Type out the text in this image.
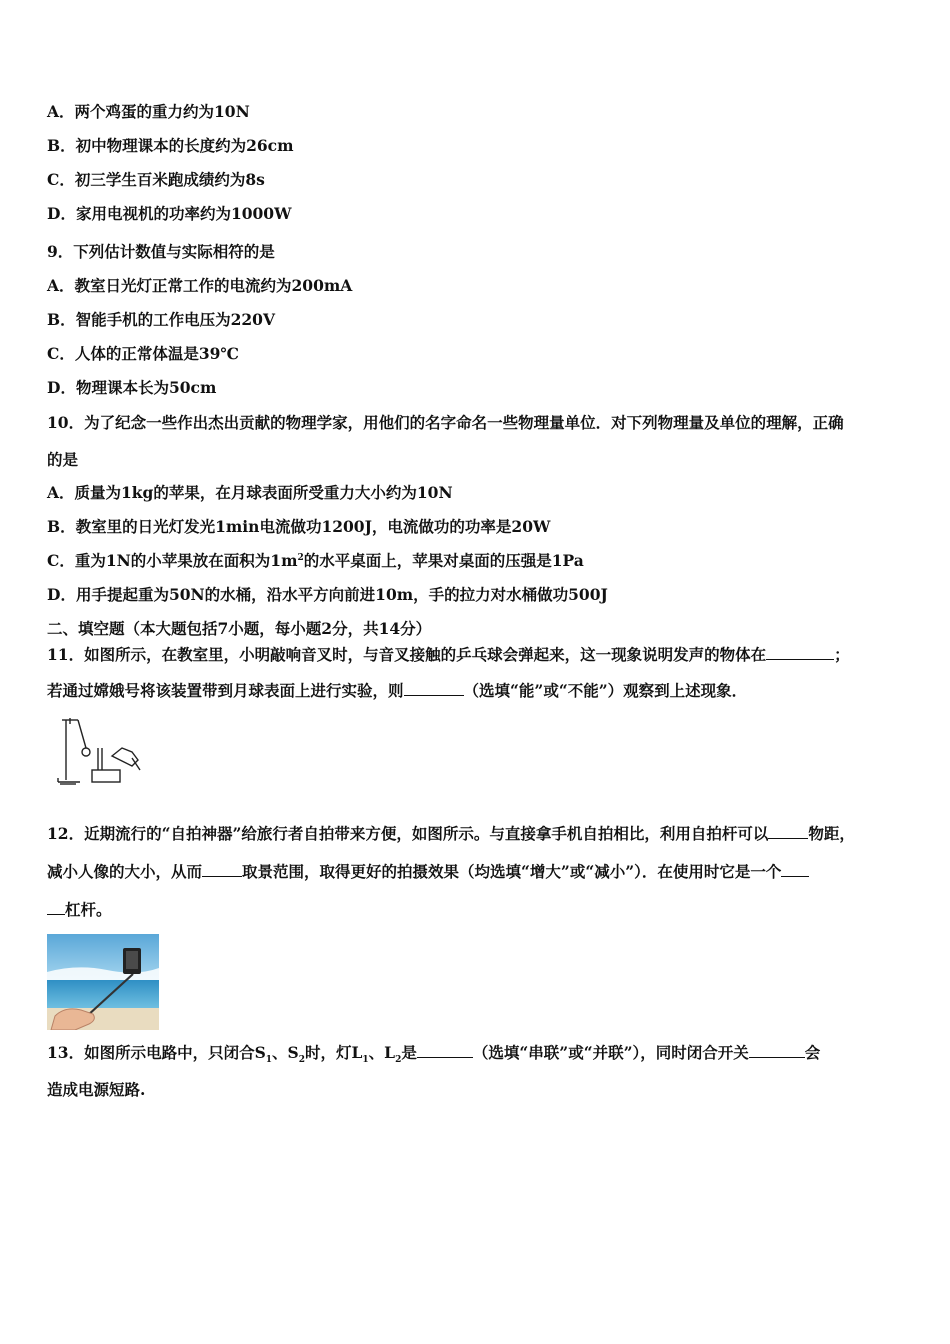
A．两个鸡蛋的重力约为10N
B．初中物理课本的长度约为26cm
C．初三学生百米跑成绩约为8s
D．家用电视机的功率约为1000W
9．下列估计数值与实际相符的是
A．教室日光灯正常工作的电流约为200mA
B．智能手机的工作电压为220V
C．人体的正常体温是39℃
D．物理课本长为50cm
10．为了纪念一些作出杰出贡献的物理学家，用他们的名字命名一些物理量单位．对下列物理量及单位的理解，正确
的是
A．质量为1kg的苹果，在月球表面所受重力大小约为10N
B．教室里的日光灯发光1min电流做功1200J，电流做功的功率是20W
C．重为1N的小苹果放在面积为$1m^2$的水平桌面上，苹果对桌面的压强是1Pa
D．用手提起重为50N的水桶，沿水平方向前进10m，手的拉力对水桶做功500J
二、填空题（本大题包括7小题，每小题2分，共14分）
11．如图所示，在教室里，小明敲响音叉时，与音叉接触的乒乓球会弹起来，这一现象说明发声的物体在	；
若通过嫦娥号将该装置带到月球表面上进行实验，则	（选填“能”或“不能”）观察到上述现象．
12．近期流行的“自拍神器”给旅行者自拍带来方便，如图所示。与直接拿手机自拍相比，利用自拍杆可以	物距，
减小人像的大小，从而	取景范围，取得更好的拍摄效果（均选填“增大”或“减小”）．在使用时它是一个
杠杆。
13．如图所示电路中，只闭合$S_1$、$S_2$时，灯$L_1$、$L_2$是	（选填“串联”或“并联”），同时闭合开关	会
造成电源短路.
